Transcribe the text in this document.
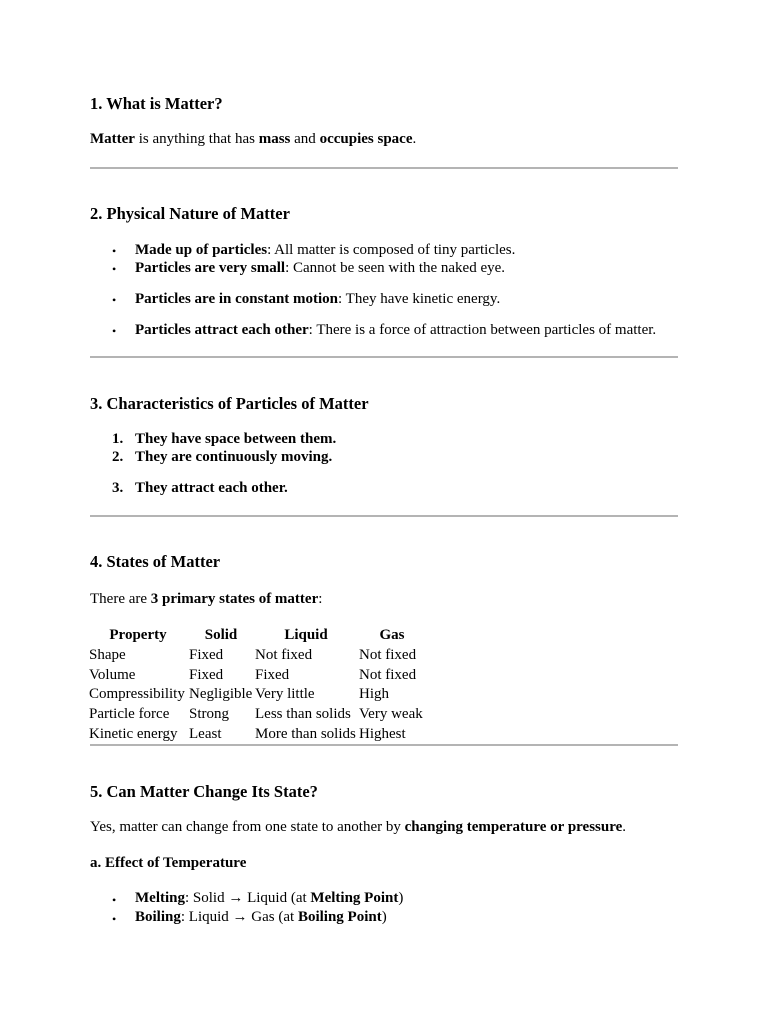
1. What is Matter?

Matter is anything that has mass and occupies space.

2. Physical Nature of Matter
• Made up of particles: All matter is composed of tiny particles.
• Particles are very small: Cannot be seen with the naked eye.
• Particles are in constant motion: They have kinetic energy.
• Particles attract each other: There is a force of attraction between particles of matter.
3. Characteristics of Particles of Matter
1. They have space between them.
2. They are continuously moving.
3. They attract each other.
4. States of Matter

There are 3 primary states of matter:

Property	Solid	Liquid	Gas
Shape	Fixed	Not fixed	Not fixed
Volume	Fixed	Fixed	Not fixed
Compressibility	Negligible	Very little	High
Particle force	Strong	Less than solids	Very weak
Kinetic energy	Least	More than solids	Highest
5. Can Matter Change Its State?

Yes, matter can change from one state to another by changing temperature or pressure.

a. Effect of Temperature
• Melting: Solid → Liquid (at Melting Point)
• Boiling: Liquid → Gas (at Boiling Point)
